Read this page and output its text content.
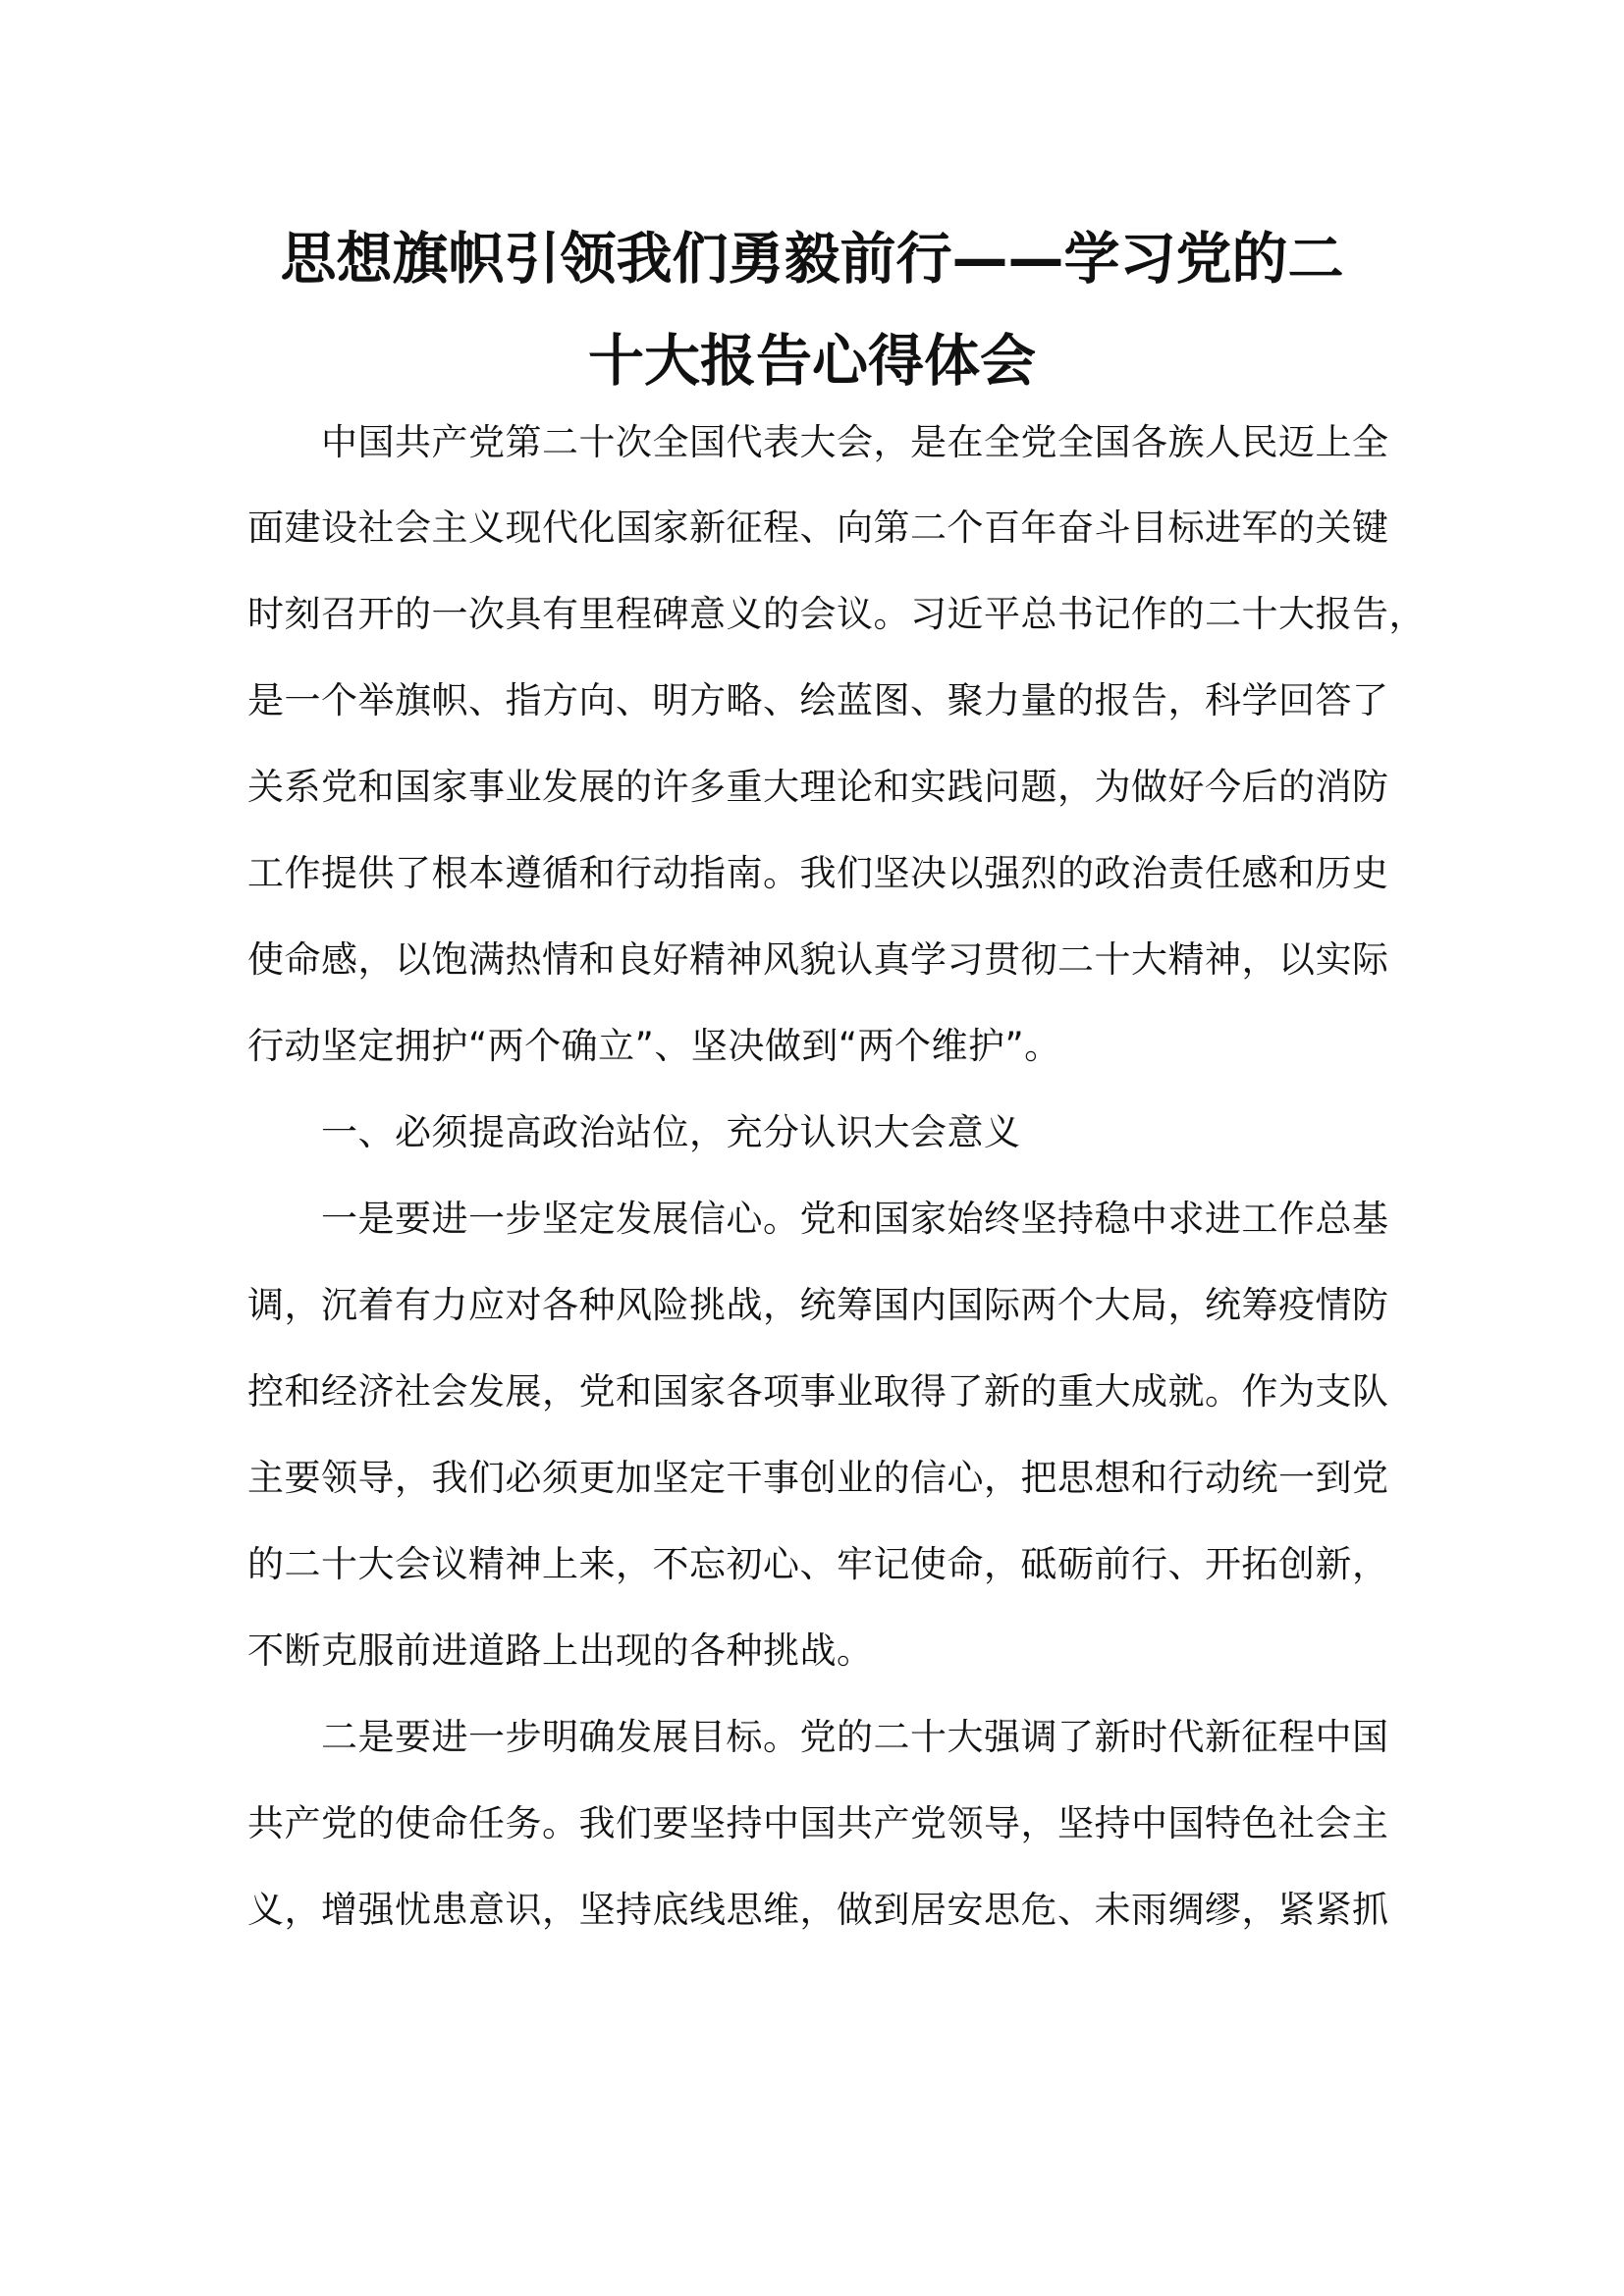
思想旗帜引领我们勇毅前行——学习党的二
十大报告心得体会

中国共产党第二十次全国代表大会，是在全党全国各族人民迈上全

面建设社会主义现代化国家新征程、向第二个百年奋斗目标进军的关键

时刻召开的一次具有里程碑意义的会议。习近平总书记作的二十大报告，

是一个举旗帜、指方向、明方略、绘蓝图、聚力量的报告，科学回答了

关系党和国家事业发展的许多重大理论和实践问题，为做好今后的消防

工作提供了根本遵循和行动指南。我们坚决以强烈的政治责任感和历史

使命感，以饱满热情和良好精神风貌认真学习贯彻二十大精神，以实际

行动坚定拥护“两个确立”、坚决做到“两个维护”。

一、必须提高政治站位，充分认识大会意义

一是要进一步坚定发展信心。党和国家始终坚持稳中求进工作总基

调，沉着有力应对各种风险挑战，统筹国内国际两个大局，统筹疫情防

控和经济社会发展，党和国家各项事业取得了新的重大成就。作为支队

主要领导，我们必须更加坚定干事创业的信心，把思想和行动统一到党

的二十大会议精神上来，不忘初心、牢记使命，砥砺前行、开拓创新，

不断克服前进道路上出现的各种挑战。

二是要进一步明确发展目标。党的二十大强调了新时代新征程中国

共产党的使命任务。我们要坚持中国共产党领导，坚持中国特色社会主

义，增强忧患意识，坚持底线思维，做到居安思危、未雨绸缪，紧紧抓
